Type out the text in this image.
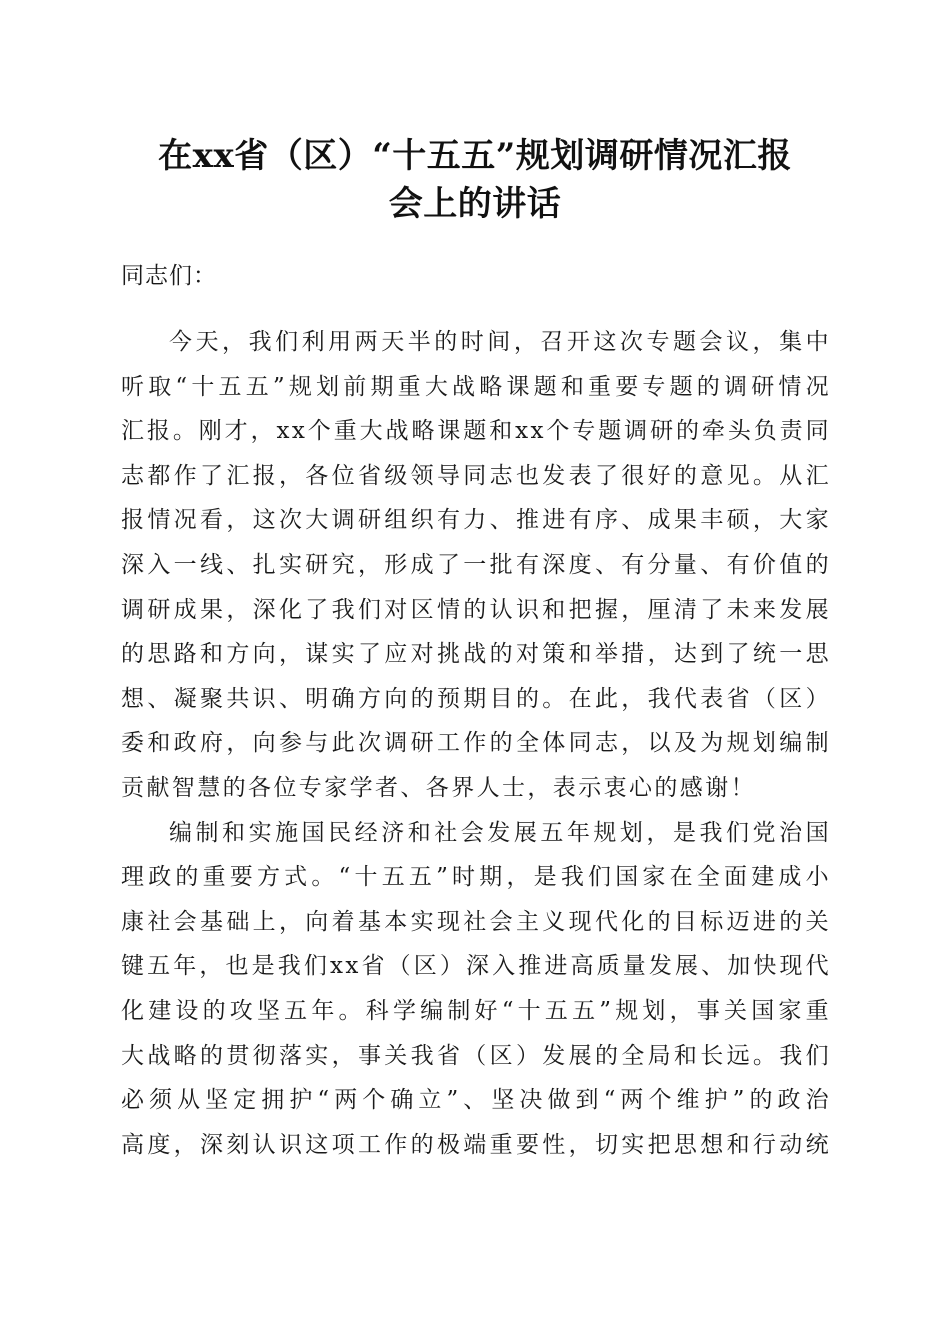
在xx省（区）“十五五”规划调研情况汇报
会上的讲话
同志们：

今天，我们利用两天半的时间，召开这次专题会议，集中
听取“十五五”规划前期重大战略课题和重要专题的调研情况
汇报。刚才，xx个重大战略课题和xx个专题调研的牵头负责同
志都作了汇报，各位省级领导同志也发表了很好的意见。从汇
报情况看，这次大调研组织有力、推进有序、成果丰硕，大家
深入一线、扎实研究，形成了一批有深度、有分量、有价值的
调研成果，深化了我们对区情的认识和把握，厘清了未来发展
的思路和方向，谋实了应对挑战的对策和举措，达到了统一思
想、凝聚共识、明确方向的预期目的。在此，我代表省（区）
委和政府，向参与此次调研工作的全体同志，以及为规划编制
贡献智慧的各位专家学者、各界人士，表示衷心的感谢！

编制和实施国民经济和社会发展五年规划，是我们党治国
理政的重要方式。“十五五”时期，是我们国家在全面建成小
康社会基础上，向着基本实现社会主义现代化的目标迈进的关
键五年，也是我们xx省（区）深入推进高质量发展、加快现代
化建设的攻坚五年。科学编制好“十五五”规划，事关国家重
大战略的贯彻落实，事关我省（区）发展的全局和长远。我们
必须从坚定拥护“两个确立”、坚决做到“两个维护”的政治
高度，深刻认识这项工作的极端重要性，切实把思想和行动统
